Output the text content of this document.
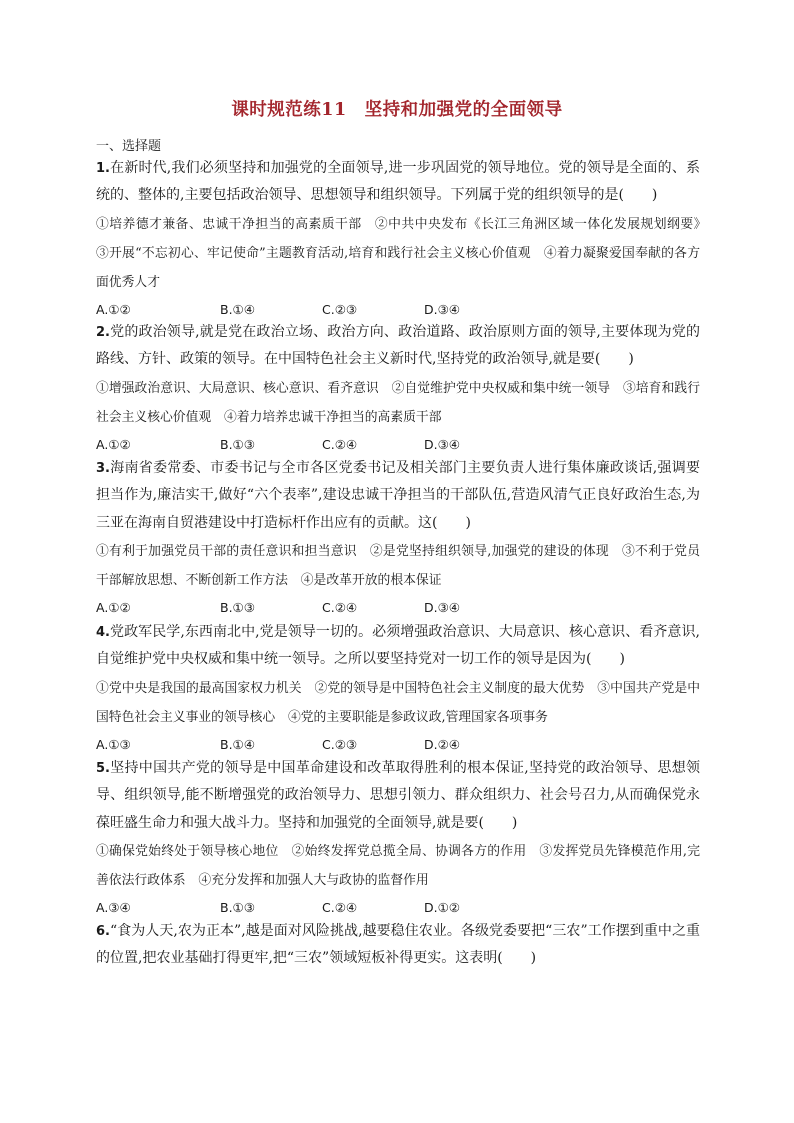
课时规范练11　坚持和加强党的全面领导
一、选择题

1.在新时代,我们必须坚持和加强党的全面领导,进一步巩固党的领导地位。党的领导是全面的、系统的、整体的,主要包括政治领导、思想领导和组织领导。下列属于党的组织领导的是(　　)

①培养德才兼备、忠诚干净担当的高素质干部　②中共中央发布《长江三角洲区域一体化发展规划纲要》　③开展“不忘初心、牢记使命”主题教育活动,培育和践行社会主义核心价值观　④着力凝聚爱国奉献的各方面优秀人才

A.①②	B.①④	C.②③	D.③④

2.党的政治领导,就是党在政治立场、政治方向、政治道路、政治原则方面的领导,主要体现为党的路线、方针、政策的领导。在中国特色社会主义新时代,坚持党的政治领导,就是要(　　)

①增强政治意识、大局意识、核心意识、看齐意识　②自觉维护党中央权威和集中统一领导　③培育和践行社会主义核心价值观　④着力培养忠诚干净担当的高素质干部

A.①②	B.①③	C.②④	D.③④

3.海南省委常委、市委书记与全市各区党委书记及相关部门主要负责人进行集体廉政谈话,强调要担当作为,廉洁实干,做好“六个表率”,建设忠诚干净担当的干部队伍,营造风清气正良好政治生态,为三亚在海南自贸港建设中打造标杆作出应有的贡献。这(　　)

①有利于加强党员干部的责任意识和担当意识　②是党坚持组织领导,加强党的建设的体现　③不利于党员干部解放思想、不断创新工作方法　④是改革开放的根本保证

A.①②	B.①③	C.②④	D.③④

4.党政军民学,东西南北中,党是领导一切的。必须增强政治意识、大局意识、核心意识、看齐意识,自觉维护党中央权威和集中统一领导。之所以要坚持党对一切工作的领导是因为(　　)

①党中央是我国的最高国家权力机关　②党的领导是中国特色社会主义制度的最大优势　③中国共产党是中国特色社会主义事业的领导核心　④党的主要职能是参政议政,管理国家各项事务

A.①③	B.①④	C.②③	D.②④

5.坚持中国共产党的领导是中国革命建设和改革取得胜利的根本保证,坚持党的政治领导、思想领导、组织领导,能不断增强党的政治领导力、思想引领力、群众组织力、社会号召力,从而确保党永葆旺盛生命力和强大战斗力。坚持和加强党的全面领导,就是要(　　)

①确保党始终处于领导核心地位　②始终发挥党总揽全局、协调各方的作用　③发挥党员先锋模范作用,完善依法行政体系　④充分发挥和加强人大与政协的监督作用

A.③④	B.①③	C.②④	D.①②

6.“食为人天,农为正本”,越是面对风险挑战,越要稳住农业。各级党委要把“三农”工作摆到重中之重的位置,把农业基础打得更牢,把“三农”领域短板补得更实。这表明(　　)
